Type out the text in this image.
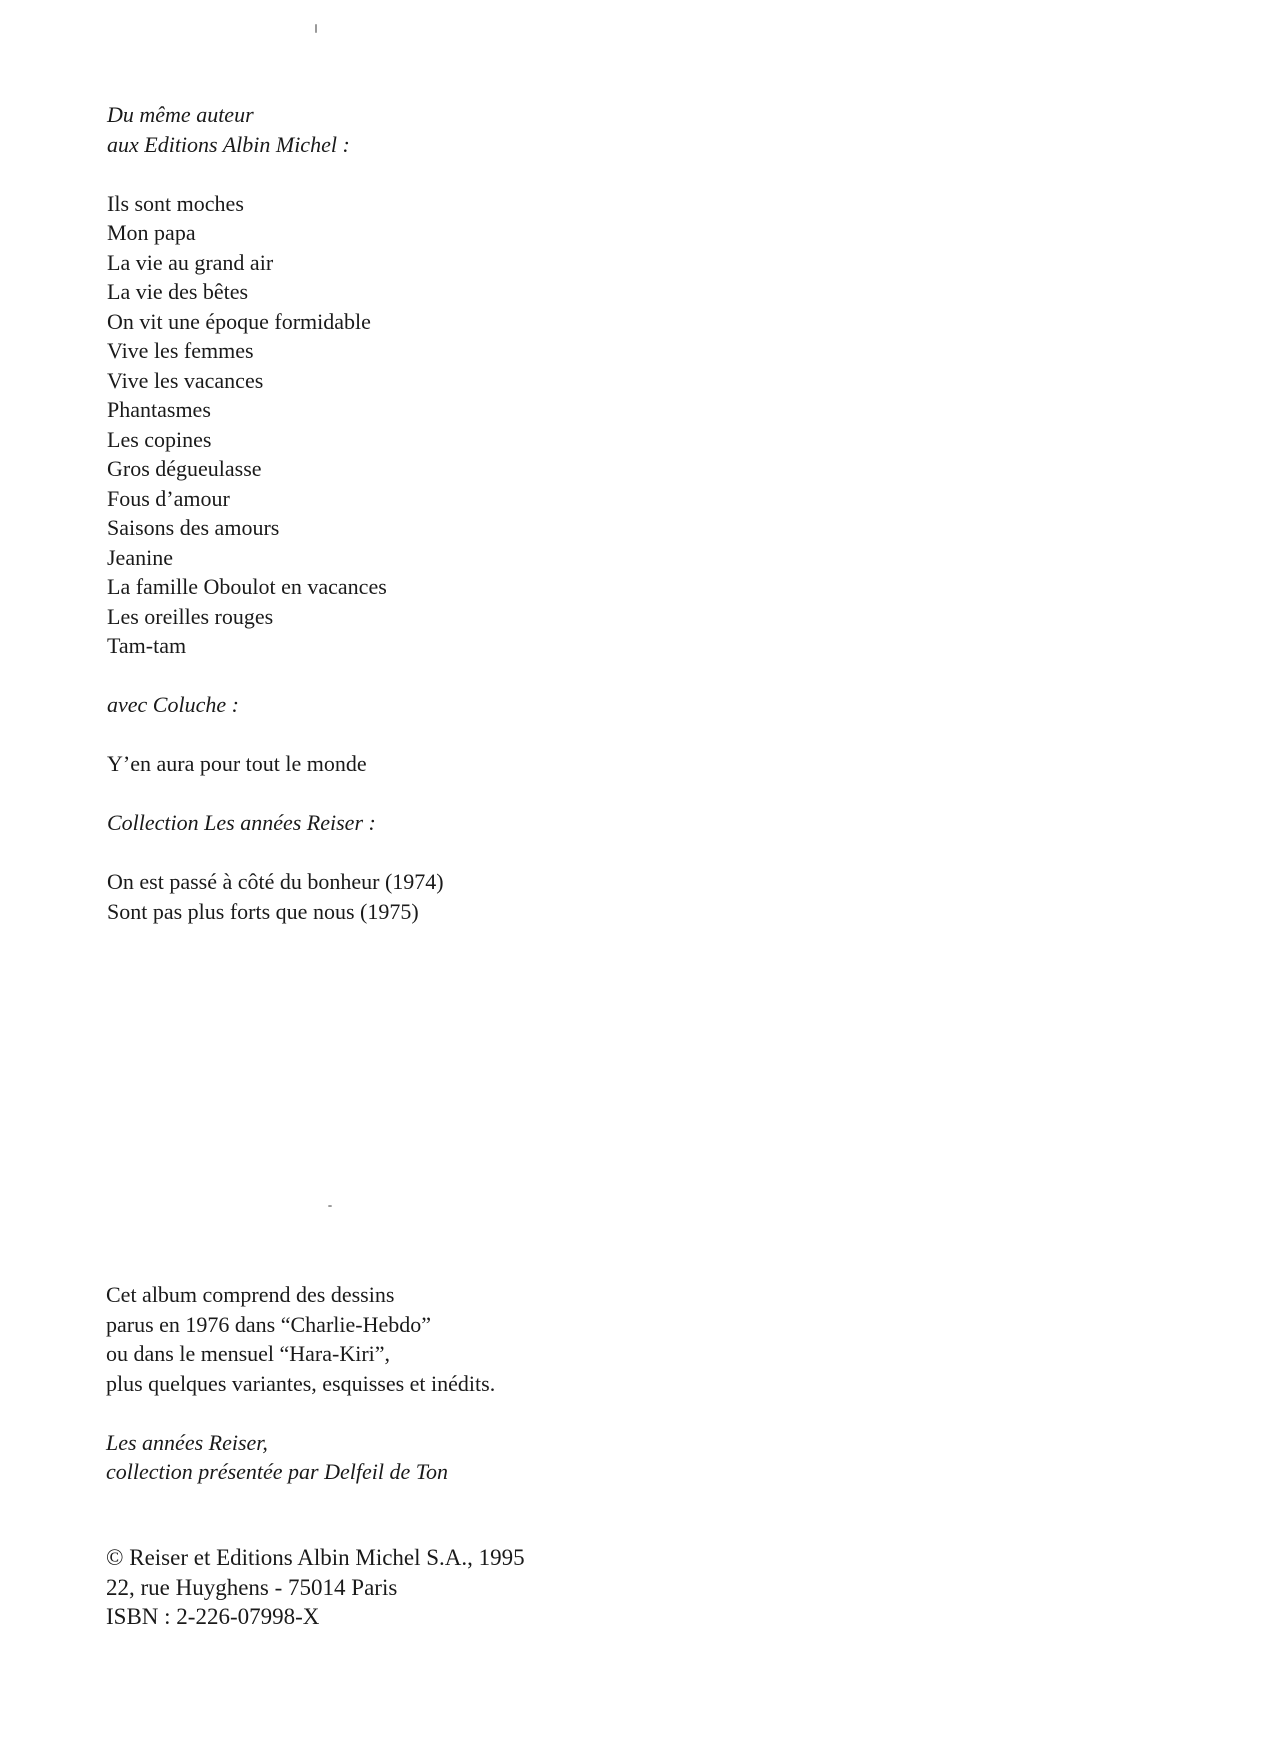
Du même auteur
aux Editions Albin Michel :
Ils sont moches
Mon papa
La vie au grand air
La vie des bêtes
On vit une époque formidable
Vive les femmes
Vive les vacances
Phantasmes
Les copines
Gros dégueulasse
Fous d’amour
Saisons des amours
Jeanine
La famille Oboulot en vacances
Les oreilles rouges
Tam-tam
avec Coluche :
Y’en aura pour tout le monde
Collection Les années Reiser :
On est passé à côté du bonheur (1974)
Sont pas plus forts que nous (1975)
Cet album comprend des dessins
parus en 1976 dans “Charlie-Hebdo”
ou dans le mensuel “Hara-Kiri”,
plus quelques variantes, esquisses et inédits.
Les années Reiser,
collection présentée par Delfeil de Ton
© Reiser et Editions Albin Michel S.A., 1995
22, rue Huyghens - 75014 Paris
ISBN : 2-226-07998-X
